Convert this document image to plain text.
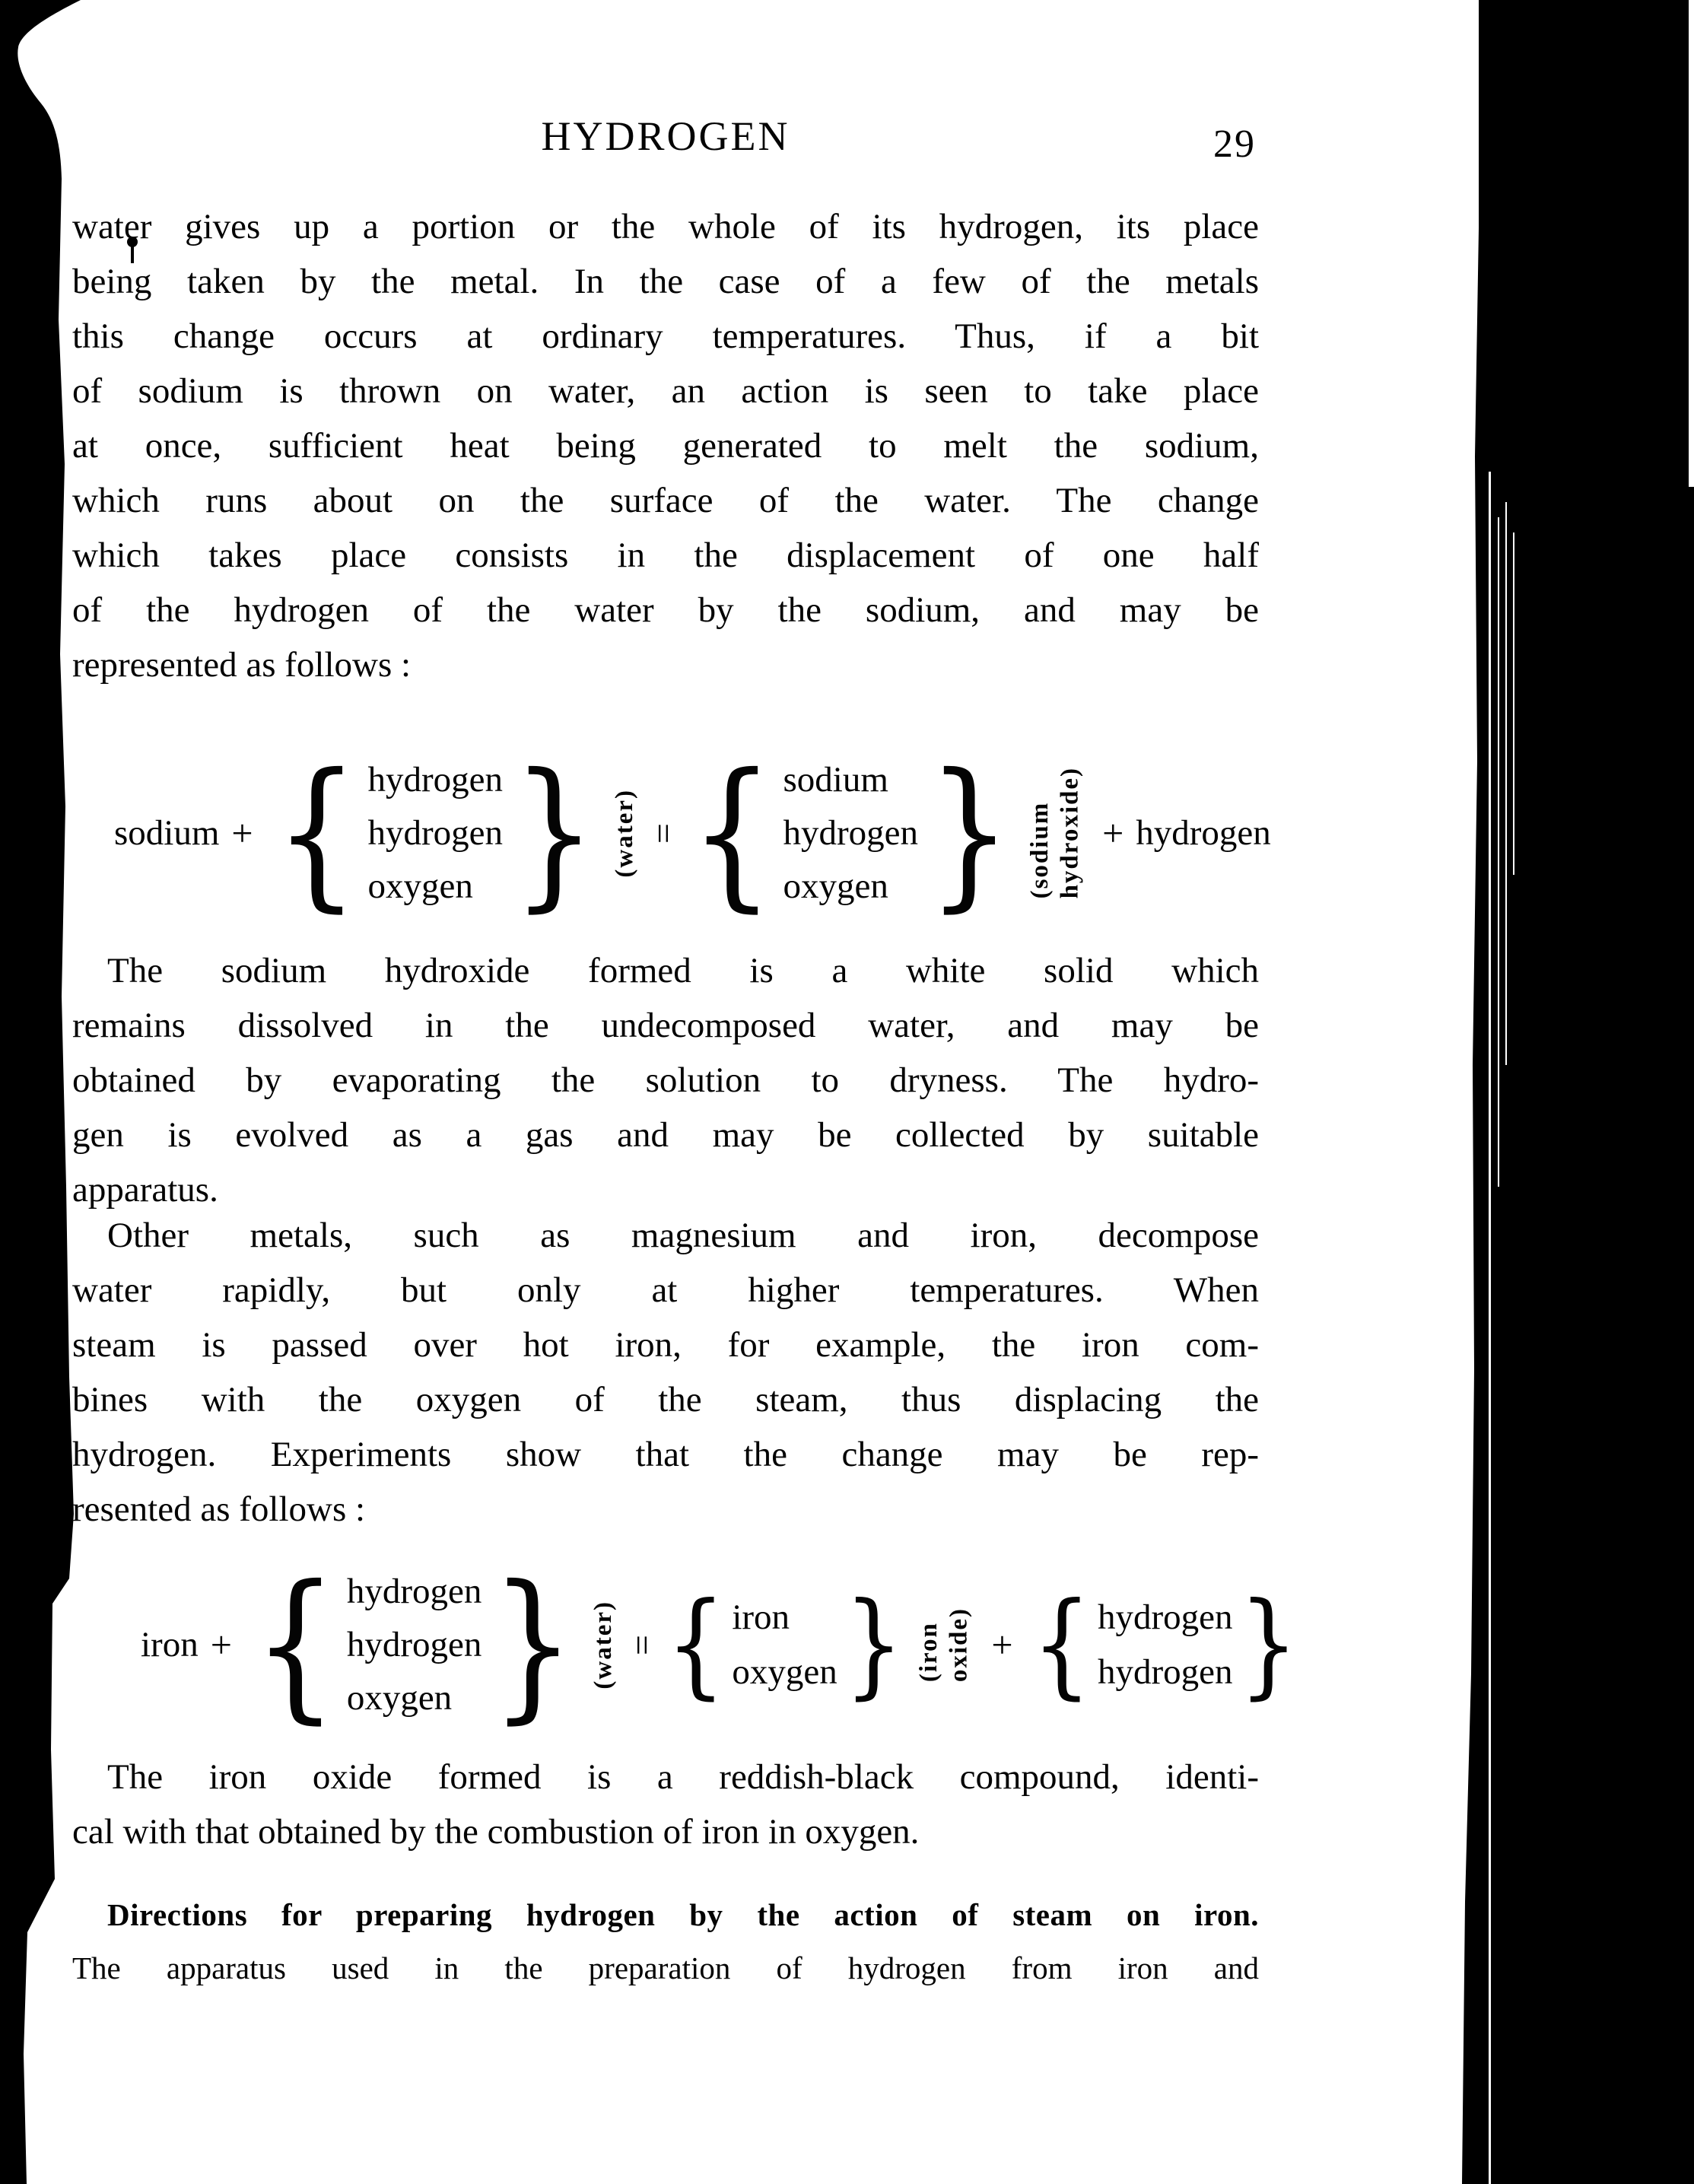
HYDROGEN	29
water gives up a portion or the whole of its hydrogen, its place
being taken by the metal. In the case of a few of the metals
this change occurs at ordinary temperatures. Thus, if a bit
of sodium is thrown on water, an action is seen to take place
at once, sufficient heat being generated to melt the sodium,
which runs about on the surface of the water. The change
which takes place consists in the displacement of one half
of the hydrogen of the water by the sodium, and may be
represented as follows :
sodium + { hydrogen
hydrogen
oxygen } (water) = { sodium
hydrogen
oxygen } (sodium hydroxide) + hydrogen
The sodium hydroxide formed is a white solid which
remains dissolved in the undecomposed water, and may be
obtained by evaporating the solution to dryness. The hydro-
gen is evolved as a gas and may be collected by suitable
apparatus.
Other metals, such as magnesium and iron, decompose
water rapidly, but only at higher temperatures. When
steam is passed over hot iron, for example, the iron com-
bines with the oxygen of the steam, thus displacing the
hydrogen. Experiments show that the change may be rep-
resented as follows :
iron + { hydrogen
hydrogen
oxygen } (water) = { iron
oxygen } (iron oxide) + { hydrogen
hydrogen }
The iron oxide formed is a reddish-black compound, identi-
cal with that obtained by the combustion of iron in oxygen.
Directions for preparing hydrogen by the action of steam on iron.
The apparatus used in the preparation of hydrogen from iron and
